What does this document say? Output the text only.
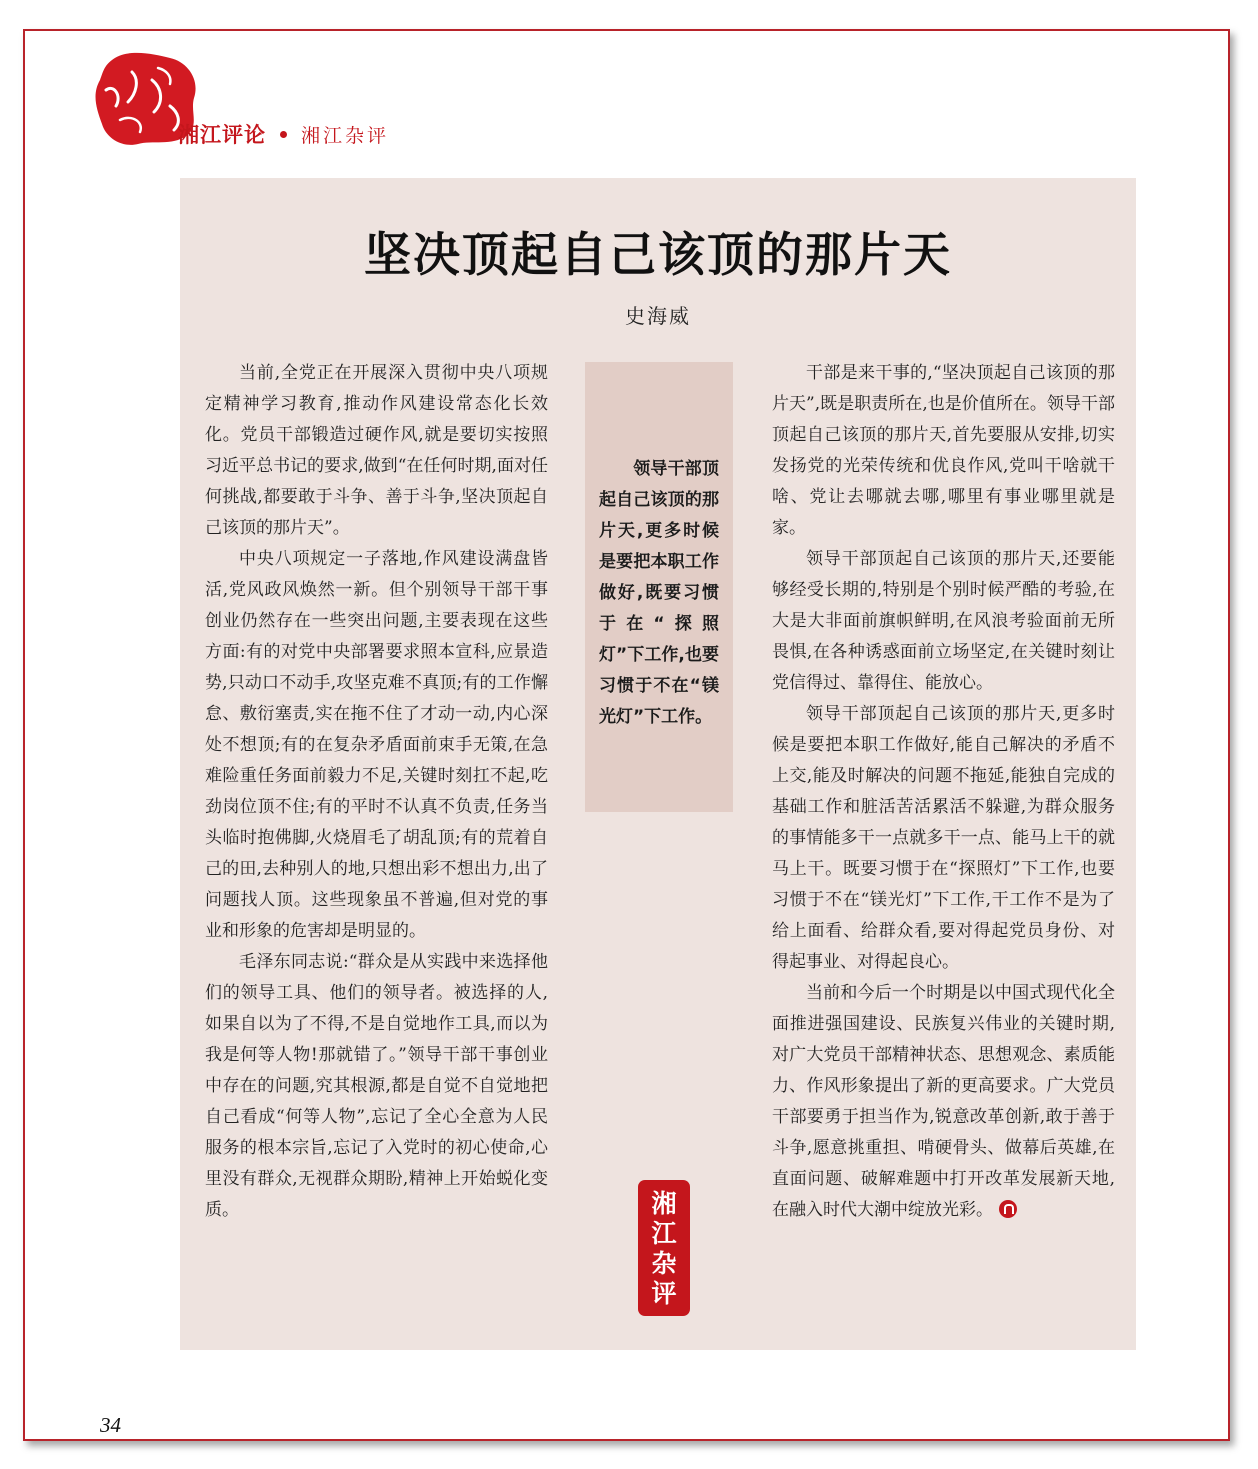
湘江评论 湘江杂评
坚决顶起自己该顶的那片天
史海威

当前,全党正在开展深入贯彻中央八项规定精神学习教育,推动作风建设常态化长效化。党员干部锻造过硬作风,就是要切实按照习近平总书记的要求,做到“在任何时期,面对任何挑战,都要敢于斗争、善于斗争,坚决顶起自己该顶的那片天”。

中央八项规定一子落地,作风建设满盘皆活,党风政风焕然一新。但个别领导干部干事创业仍然存在一些突出问题,主要表现在这些方面:有的对党中央部署要求照本宣科,应景造势,只动口不动手,攻坚克难不真顶;有的工作懈怠、敷衍塞责,实在拖不住了才动一动,内心深处不想顶;有的在复杂矛盾面前束手无策,在急难险重任务面前毅力不足,关键时刻扛不起,吃劲岗位顶不住;有的平时不认真不负责,任务当头临时抱佛脚,火烧眉毛了胡乱顶;有的荒着自己的田,去种别人的地,只想出彩不想出力,出了问题找人顶。这些现象虽不普遍,但对党的事业和形象的危害却是明显的。

毛泽东同志说:“群众是从实践中来选择他们的领导工具、他们的领导者。被选择的人,如果自以为了不得,不是自觉地作工具,而以为我是何等人物!那就错了。”领导干部干事创业中存在的问题,究其根源,都是自觉不自觉地把自己看成“何等人物”,忘记了全心全意为人民服务的根本宗旨,忘记了入党时的初心使命,心里没有群众,无视群众期盼,精神上开始蜕化变质。

领导干部顶起自己该顶的那片天,更多时候是要把本职工作做好,既要习惯于在“探照灯”下工作,也要习惯于不在“镁光灯”下工作。

湘
江
杂
评

干部是来干事的,“坚决顶起自己该顶的那片天”,既是职责所在,也是价值所在。领导干部顶起自己该顶的那片天,首先要服从安排,切实发扬党的光荣传统和优良作风,党叫干啥就干啥、党让去哪就去哪,哪里有事业哪里就是家。

领导干部顶起自己该顶的那片天,还要能够经受长期的,特别是个别时候严酷的考验,在大是大非面前旗帜鲜明,在风浪考验面前无所畏惧,在各种诱惑面前立场坚定,在关键时刻让党信得过、靠得住、能放心。

领导干部顶起自己该顶的那片天,更多时候是要把本职工作做好,能自己解决的矛盾不上交,能及时解决的问题不拖延,能独自完成的基础工作和脏活苦活累活不躲避,为群众服务的事情能多干一点就多干一点、能马上干的就马上干。既要习惯于在“探照灯”下工作,也要习惯于不在“镁光灯”下工作,干工作不是为了给上面看、给群众看,要对得起党员身份、对得起事业、对得起良心。

当前和今后一个时期是以中国式现代化全面推进强国建设、民族复兴伟业的关键时期,对广大党员干部精神状态、思想观念、素质能力、作风形象提出了新的更高要求。广大党员干部要勇于担当作为,锐意改革创新,敢于善于斗争,愿意挑重担、啃硬骨头、做幕后英雄,在直面问题、破解难题中打开改革发展新天地,在融入时代大潮中绽放光彩。

34
